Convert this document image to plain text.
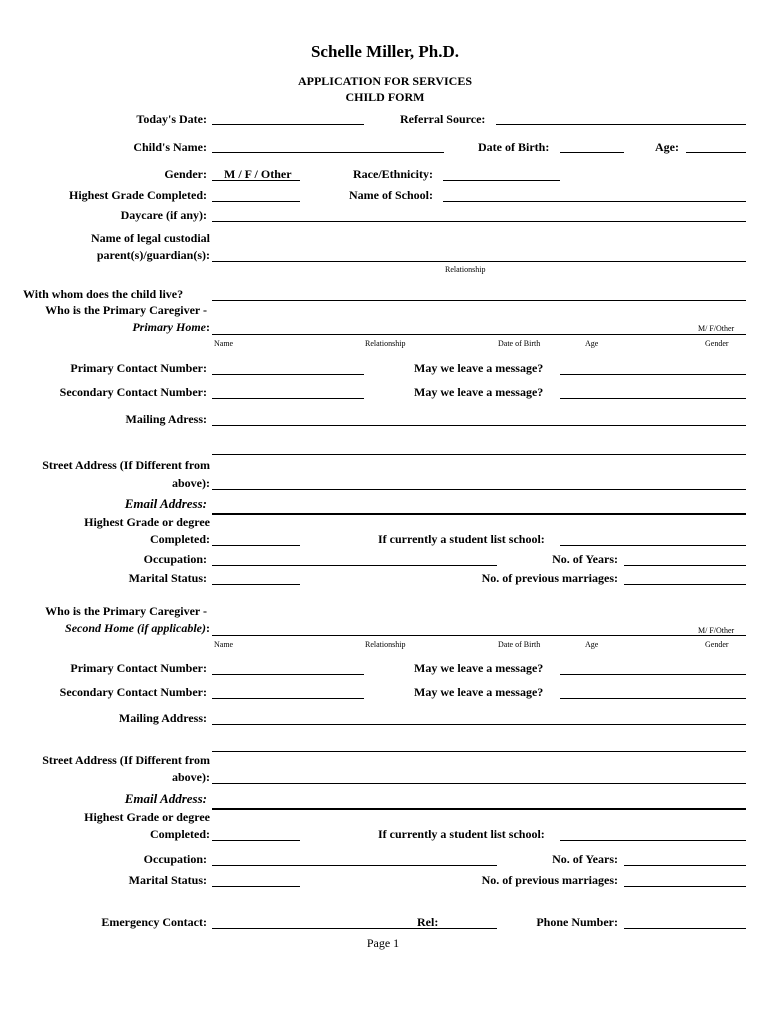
Schelle Miller, Ph.D.
APPLICATION FOR SERVICES
CHILD FORM
Today's Date:	Referral Source:
Child's Name:	Date of Birth:	Age:
Gender: M / F / Other	Race/Ethnicity:
Highest Grade Completed:	Name of School:
Daycare (if any):
Name of legal custodial
parent(s)/guardian(s):
Relationship
With whom does the child live?
Who is the Primary Caregiver -
Primary Home:	M/ F/Other
Name	Relationship	Date of Birth	Age	Gender
Primary Contact Number:	May we leave a message?
Secondary Contact Number:	May we leave a message?
Mailing Adress:
Street Address (If Different from
above):
Email Address:
Highest Grade or degree
Completed:	If currently a student list school:
Occupation:	No. of Years:
Marital Status:	No. of previous marriages:
Who is the Primary Caregiver -
Second Home (if applicable):	M/ F/Other
Name	Relationship	Date of Birth	Age	Gender
Primary Contact Number:	May we leave a message?
Secondary Contact Number:	May we leave a message?
Mailing Address:
Street Address (If Different from
above):
Email Address:
Highest Grade or degree
Completed:	If currently a student list school:
Occupation:	No. of Years:
Marital Status:	No. of previous marriages:
Emergency Contact:	Rel:	Phone Number:
Page 1
